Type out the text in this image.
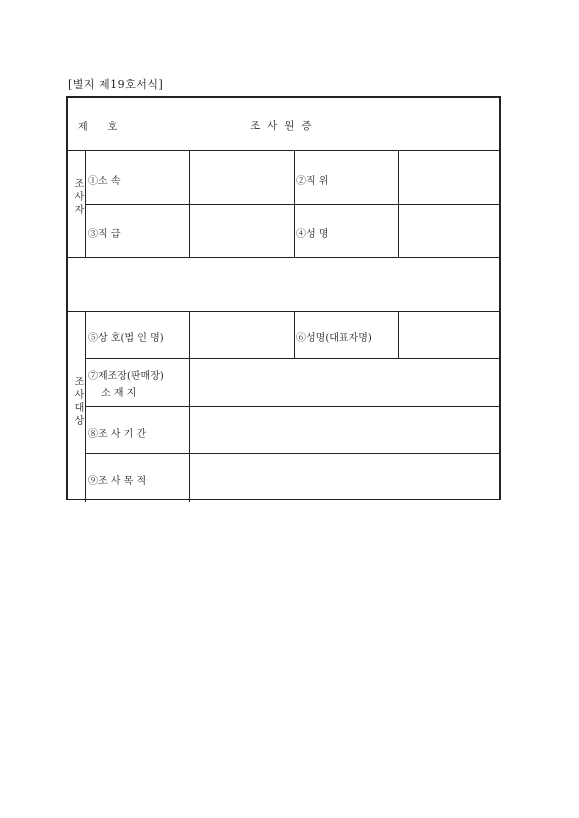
[별지 제19호서식]
제　　호	조사원증
조사자 ①소 속	②직 위
③직 급	④성 명
조사대상
⑤상 호(법 인 명)	⑥성명(대표자명)
⑦제조장(판매장)
소 재 지
⑧조 사 기 간
⑨조 사 목 적
